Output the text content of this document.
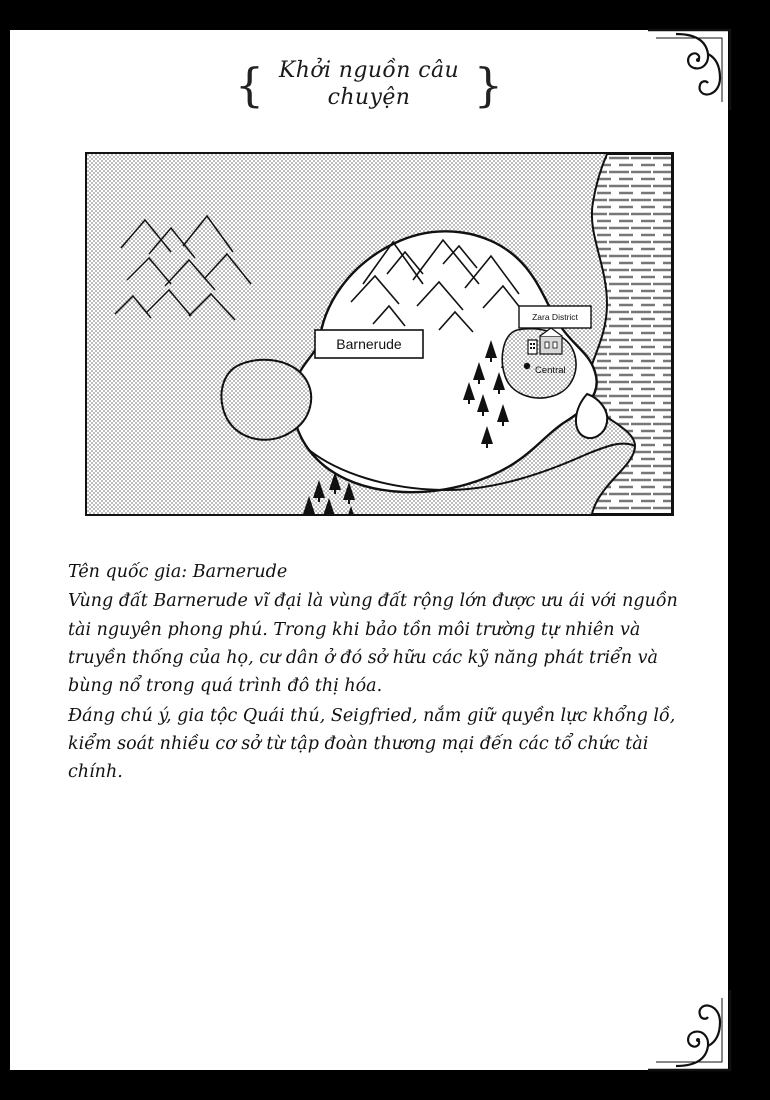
{ Khởi nguồn câu
chuyện	}
Barnerude
Zara District
Central

Tên quốc gia: Barnerude

Vùng đất Barnerude vĩ đại là vùng đất rộng lớn được ưu ái với nguồn tài nguyên phong phú. Trong khi bảo tồn môi trường tự nhiên và truyền thống của họ, cư dân ở đó sở hữu các kỹ năng phát triển và bùng nổ trong quá trình đô thị hóa.

Đáng chú ý, gia tộc Quái thú, Seigfried, nắm giữ quyền lực khổng lồ, kiểm soát nhiều cơ sở từ tập đoàn thương mại đến các tổ chức tài chính.
